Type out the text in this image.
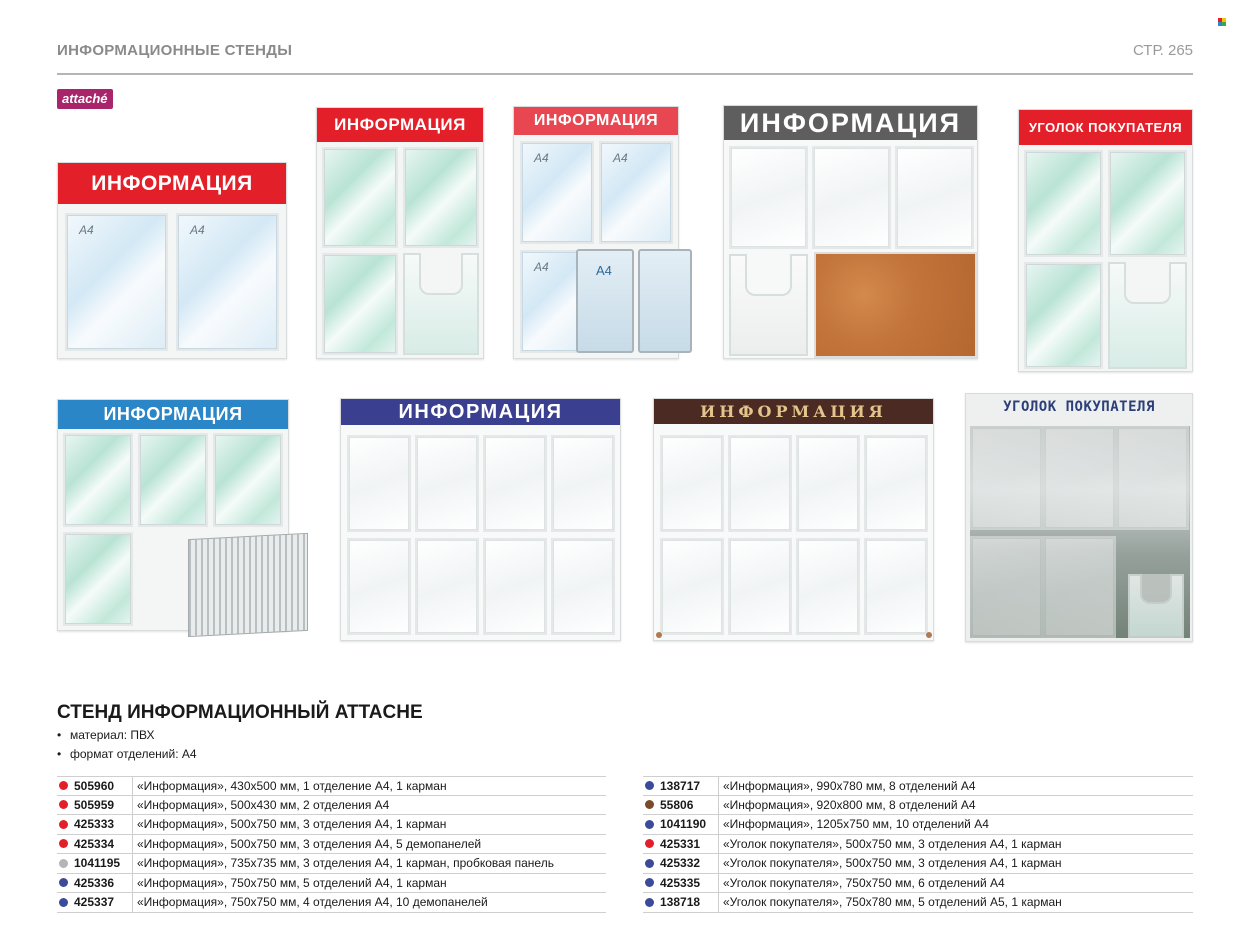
ИНФОРМАЦИОННЫЕ СТЕНДЫ	СТР. 265
attaché
ИНФОРМАЦИЯ
A4	A4
ИНФОРМАЦИЯ	ИНФОРМАЦИЯ
A4	A4
A4	A4
ИНФОРМАЦИЯ	УГОЛОК ПОКУПАТЕЛЯ
ИНФОРМАЦИЯ	ИНФОРМАЦИЯ	ИНФОРМАЦИЯ	УГОЛОК ПОКУПАТЕЛЯ
СТЕНД ИНФОРМАЦИОННЫЙ ATTACHE
• материал: ПВХ
• формат отделений: А4
505960	«Информация», 430х500 мм, 1 отделение А4, 1 карман
505959	«Информация», 500х430 мм, 2 отделения А4
425333	«Информация», 500х750 мм, 3 отделения А4, 1 карман
425334	«Информация», 500х750 мм, 3 отделения А4, 5 демопанелей
1041195	«Информация», 735х735 мм, 3 отделения А4, 1 карман, пробковая панель
425336	«Информация», 750х750 мм, 5 отделений А4, 1 карман
425337	«Информация», 750х750 мм, 4 отделения А4, 10 демопанелей
138717	«Информация», 990х780 мм, 8 отделений А4
55806	«Информация», 920х800 мм, 8 отделений А4
1041190	«Информация», 1205х750 мм, 10 отделений А4
425331	«Уголок покупателя», 500х750 мм, 3 отделения А4, 1 карман
425332	«Уголок покупателя», 500х750 мм, 3 отделения А4, 1 карман
425335	«Уголок покупателя», 750х750 мм, 6 отделений А4
138718	«Уголок покупателя», 750х780 мм, 5 отделений А5, 1 карман
